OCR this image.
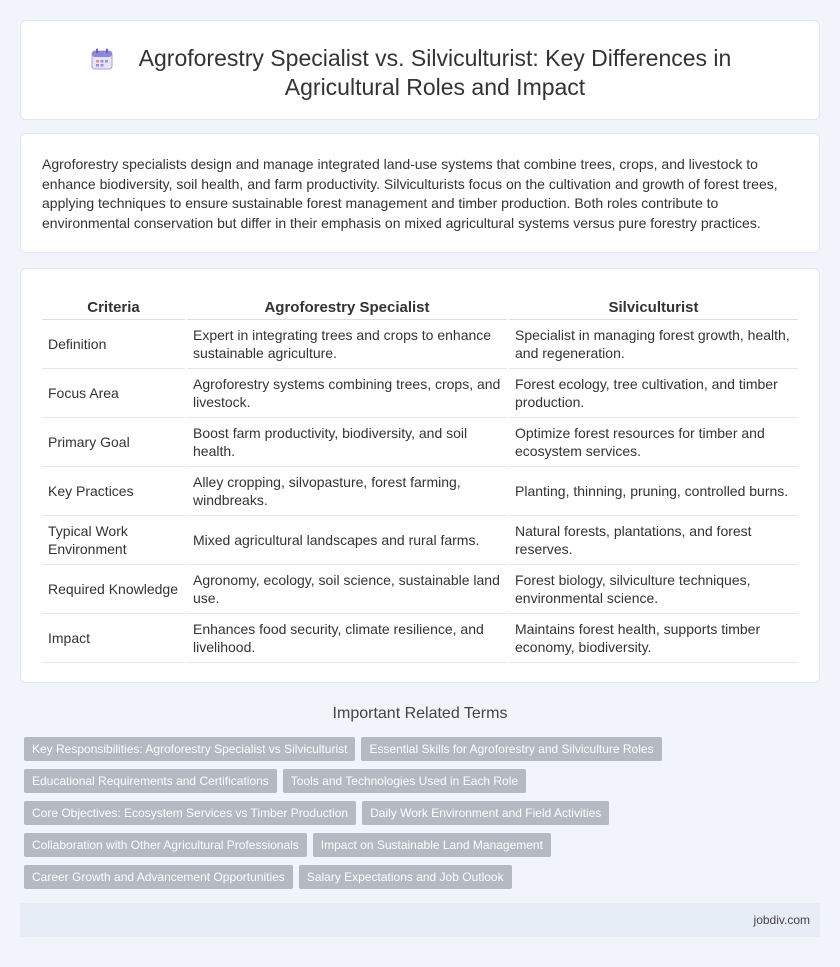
Agroforestry Specialist vs. Silviculturist: Key Differences in Agricultural Roles and Impact

Agroforestry specialists design and manage integrated land-use systems that combine trees, crops, and livestock to enhance biodiversity, soil health, and farm productivity. Silviculturists focus on the cultivation and growth of forest trees, applying techniques to ensure sustainable forest management and timber production. Both roles contribute to environmental conservation but differ in their emphasis on mixed agricultural systems versus pure forestry practices.

Criteria	Agroforestry Specialist	Silviculturist
Definition	Expert in integrating trees and crops to enhance sustainable agriculture.	Specialist in managing forest growth, health, and regeneration.
Focus Area	Agroforestry systems combining trees, crops, and livestock.	Forest ecology, tree cultivation, and timber production.
Primary Goal	Boost farm productivity, biodiversity, and soil health.	Optimize forest resources for timber and ecosystem services.
Key Practices	Alley cropping, silvopasture, forest farming, windbreaks.	Planting, thinning, pruning, controlled burns.
Typical Work Environment	Mixed agricultural landscapes and rural farms.	Natural forests, plantations, and forest reserves.
Required Knowledge	Agronomy, ecology, soil science, sustainable land use.	Forest biology, silviculture techniques, environmental science.
Impact	Enhances food security, climate resilience, and livelihood.	Maintains forest health, supports timber economy, biodiversity.
Important Related Terms
Key Responsibilities: Agroforestry Specialist vs Silviculturist Essential Skills for Agroforestry and Silviculture Roles
Educational Requirements and Certifications Tools and Technologies Used in Each Role
Core Objectives: Ecosystem Services vs Timber Production Daily Work Environment and Field Activities
Collaboration with Other Agricultural Professionals Impact on Sustainable Land Management
Career Growth and Advancement Opportunities Salary Expectations and Job Outlook
jobdiv.com
